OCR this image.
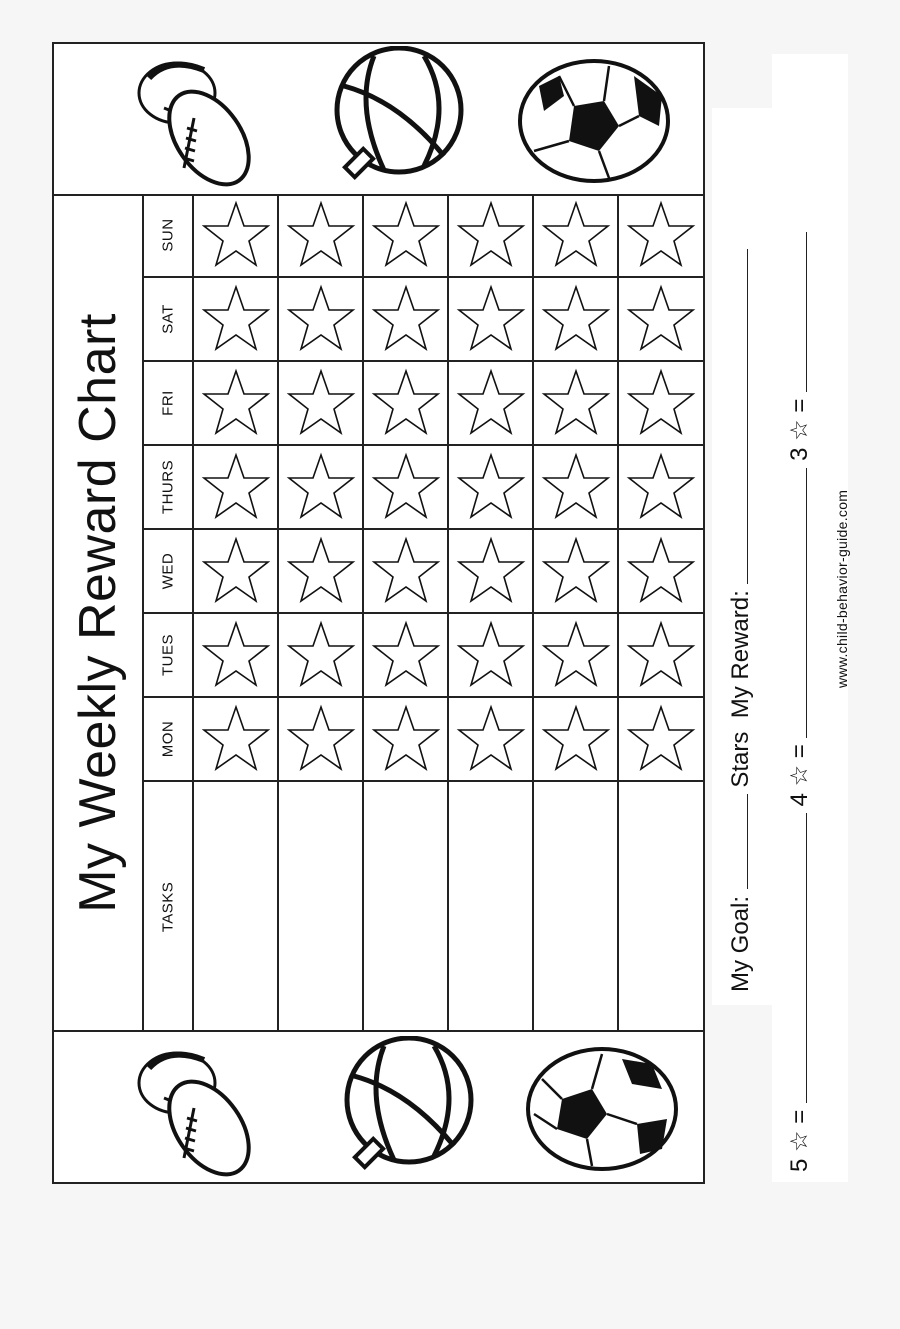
My Weekly Reward Chart
SUN
SAT
FRI
THURS
WED
TUES
MON
TASKS	My Goal:  Stars  My Reward:
5 ☆ =  4 ☆ =  3 ☆ =
www.child-behavior-guide.com
